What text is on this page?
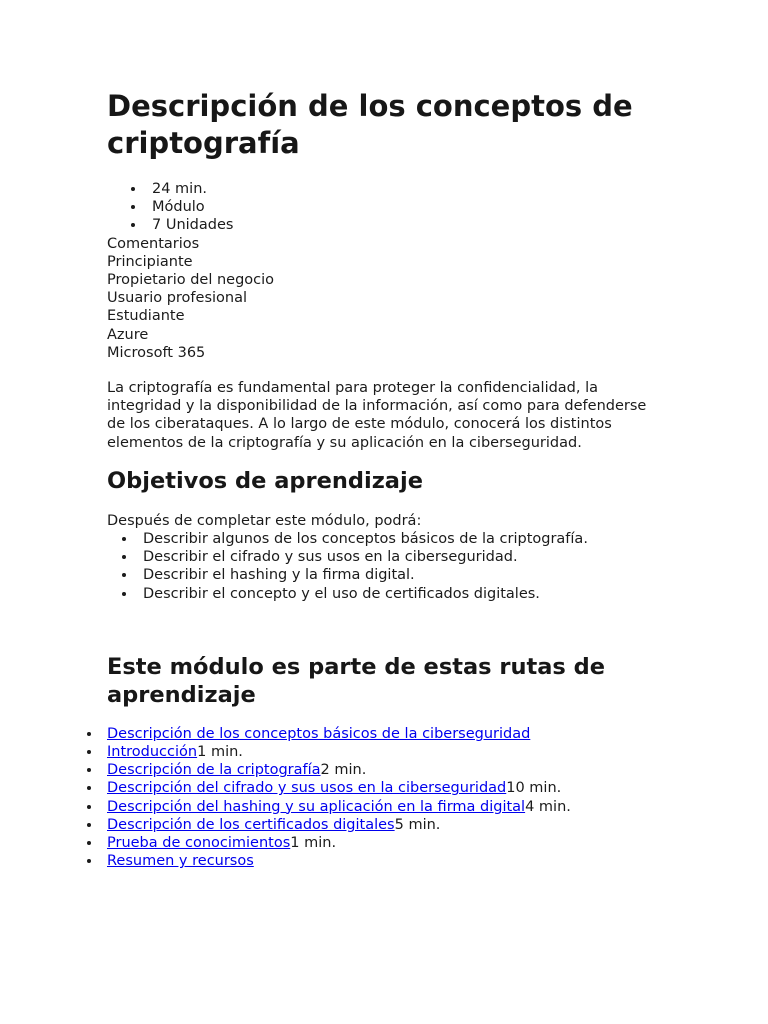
Descripción de los conceptos de criptografía
24 min.
Módulo
7 Unidades
Comentarios
Principiante
Propietario del negocio
Usuario profesional
Estudiante
Azure
Microsoft 365

La criptografía es fundamental para proteger la confidencialidad, la integridad y la disponibilidad de la información, así como para defenderse de los ciberataques. A lo largo de este módulo, conocerá los distintos elementos de la criptografía y su aplicación en la ciberseguridad.

Objetivos de aprendizaje
Después de completar este módulo, podrá:
Describir algunos de los conceptos básicos de la criptografía.
Describir el cifrado y sus usos en la ciberseguridad.
Describir el hashing y la firma digital.
Describir el concepto y el uso de certificados digitales.
Este módulo es parte de estas rutas de aprendizaje
Descripción de los conceptos básicos de la ciberseguridad
Introducción1 min.
Descripción de la criptografía2 min.
Descripción del cifrado y sus usos en la ciberseguridad10 min.
Descripción del hashing y su aplicación en la firma digital4 min.
Descripción de los certificados digitales5 min.
Prueba de conocimientos1 min.
Resumen y recursos
